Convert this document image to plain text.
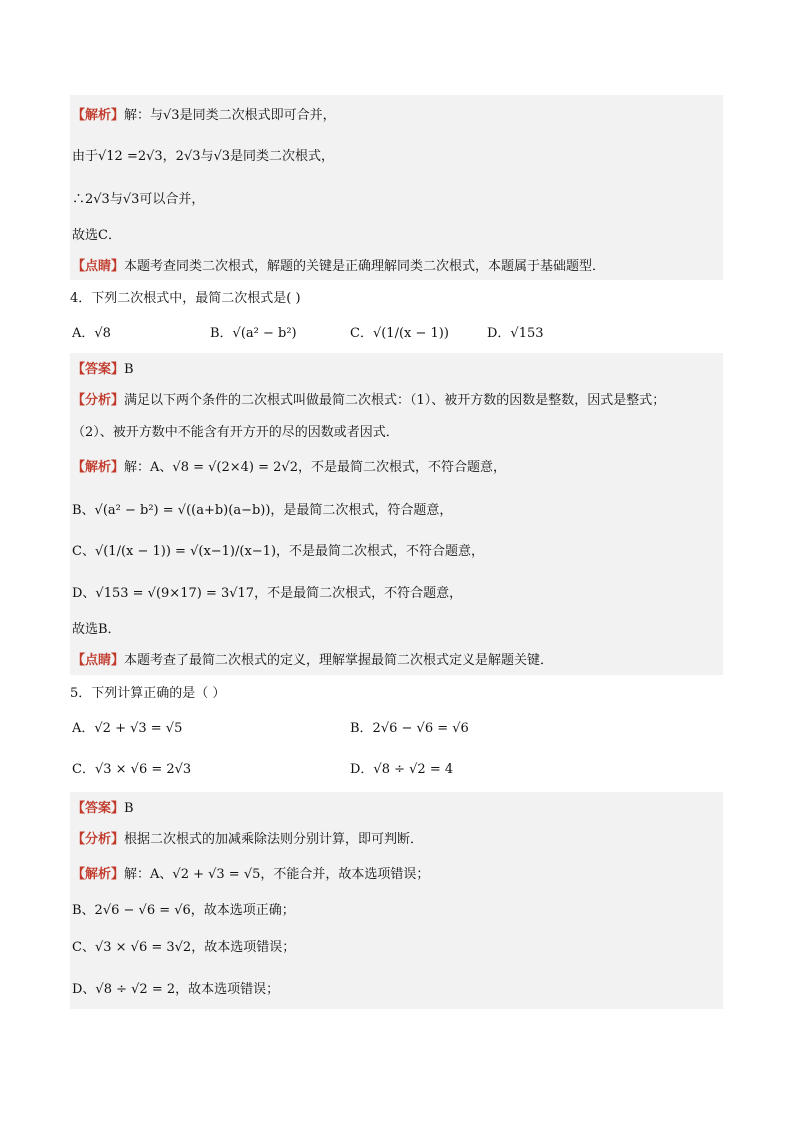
【解析】解：与√3是同类二次根式即可合并，
由于√12 =2√3，2√3与√3是同类二次根式，
∴2√3与√3可以合并，
故选C．
【点睛】本题考查同类二次根式，解题的关键是正确理解同类二次根式，本题属于基础题型．
4．下列二次根式中，最简二次根式是( )
A．√8	B．√(a² − b²)	C．√(1/(x − 1))	D．√153
【答案】B
【分析】满足以下两个条件的二次根式叫做最简二次根式：（1）、被开方数的因数是整数，因式是整式；
（2）、被开方数中不能含有开方开的尽的因数或者因式．
【解析】解：A、√8 = √(2×4) = 2√2，不是最简二次根式，不符合题意，
B、√(a² − b²) = √((a+b)(a−b))，是最简二次根式，符合题意，
C、√(1/(x − 1)) = √(x−1)/(x−1)，不是最简二次根式，不符合题意，
D、√153 = √(9×17) = 3√17，不是最简二次根式，不符合题意，
故选B．
【点睛】本题考查了最简二次根式的定义，理解掌握最简二次根式定义是解题关键．
5．下列计算正确的是（ ）
A．√2 + √3 = √5	B．2√6 − √6 = √6
C．√3 × √6 = 2√3	D．√8 ÷ √2 = 4
【答案】B
【分析】根据二次根式的加减乘除法则分别计算，即可判断．
【解析】解：A、√2 + √3 = √5，不能合并，故本选项错误；
B、2√6 − √6 = √6，故本选项正确；
C、√3 × √6 = 3√2，故本选项错误；
D、√8 ÷ √2 = 2，故本选项错误；
